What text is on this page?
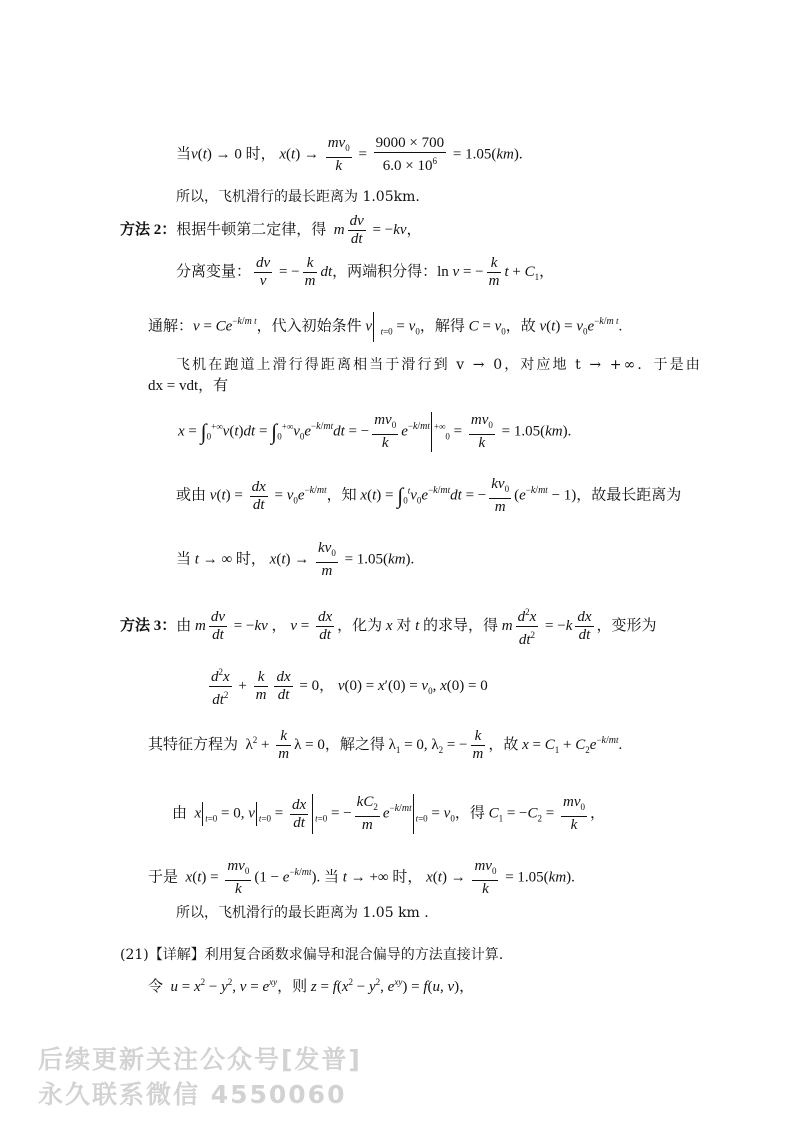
当v(t) → 0 时， $x(t) \to \frac{mv_0}{k} = \frac{9000 \times 700}{6.0 \times 10^6} = 1.05(km)$.
所以，飞机滑行的最长距离为 1.05km.
方法 2：根据牛顿第二定律，得  m $\frac{dv}{dt} = -kv$，
分离变量： $\frac{dv}{v}$ = − $\frac{k}{m}$ dt，两端积分得：ln v = − $\frac{k}{m}$ $t + C_1$，
通解：$v = Ce^{-k/m t}$，代入初始条件 v $_{t=0} = v_0$，解得 $C = v_0$，故 $v(t) = v_0e^{-k/m t}$.
飞机在跑道上滑行得距离相当于滑行到 v → 0，对应地 t → +∞．于是由
dx = vdt，有
$x = \int_0^{+\infty}v(t)dt = \int_0^{+\infty}v_0e^{-k/mt}dt$ = − $\frac{mv_0}{k} e^{-k/mt}$ $^{+\infty}_0 = \frac{mv_0}{k} = 1.05(km)$.
或由 $v(t) = \frac{dx}{dt} = v_0e^{-k/mt}$，知 $x(t) = \int_0^tv_0e^{-k/mt}dt$ = − $\frac{kv_0}{m} (e^{-k/mt} - 1)$，故最长距离为
当 t → ∞ 时， $x(t) \to \frac{kv_0}{m} = 1.05(km)$.
方法 3：由 m $\frac{dv}{dt} = -kv$ ， $v = \frac{dx}{dt}$ ，化为 x 对 t 的求导，得 m $\frac{d^2x}{dt^2} = -k \frac{dx}{dt}$ ，变形为
$\frac{d^2x}{dt^2} + \frac{k}{m} \frac{dx}{dt} = 0$， $v(0) = x'(0) = v_0$, x(0) = 0
其特征方程为  $\lambda^2 + \frac{k}{m}$ λ = 0，解之得 $\lambda_1 = 0$, $\lambda_2$ = − $\frac{k}{m}$ ，故 $x = C_1 + C_2e^{-k/mt}$.
由  x $_{t=0}$ = 0, v $_{t=0} = \frac{dx}{dt} _{t=0}$ = − $\frac{kC_2}{m} e^{-k/mt}_{t=0} = v_0$，得 $C_1 = -C_2 = \frac{mv_0}{k}$ ，
于是  $x(t) = \frac{mv_0}{k} (1 - e^{-k/mt})$. 当 t → +∞ 时， $x(t) \to \frac{mv_0}{k} = 1.05(km)$.
所以，飞机滑行的最长距离为 1.05 km .
(21)【详解】利用复合函数求偏导和混合偏导的方法直接计算.
令  $u = x^2 - y^2$, $v = e^{xy}$，则 $z = f(x^2 - y^2$, $e^{xy}) = f(u$, v)，
后续更新关注公众号[发普]
永久联系微信 4550060
